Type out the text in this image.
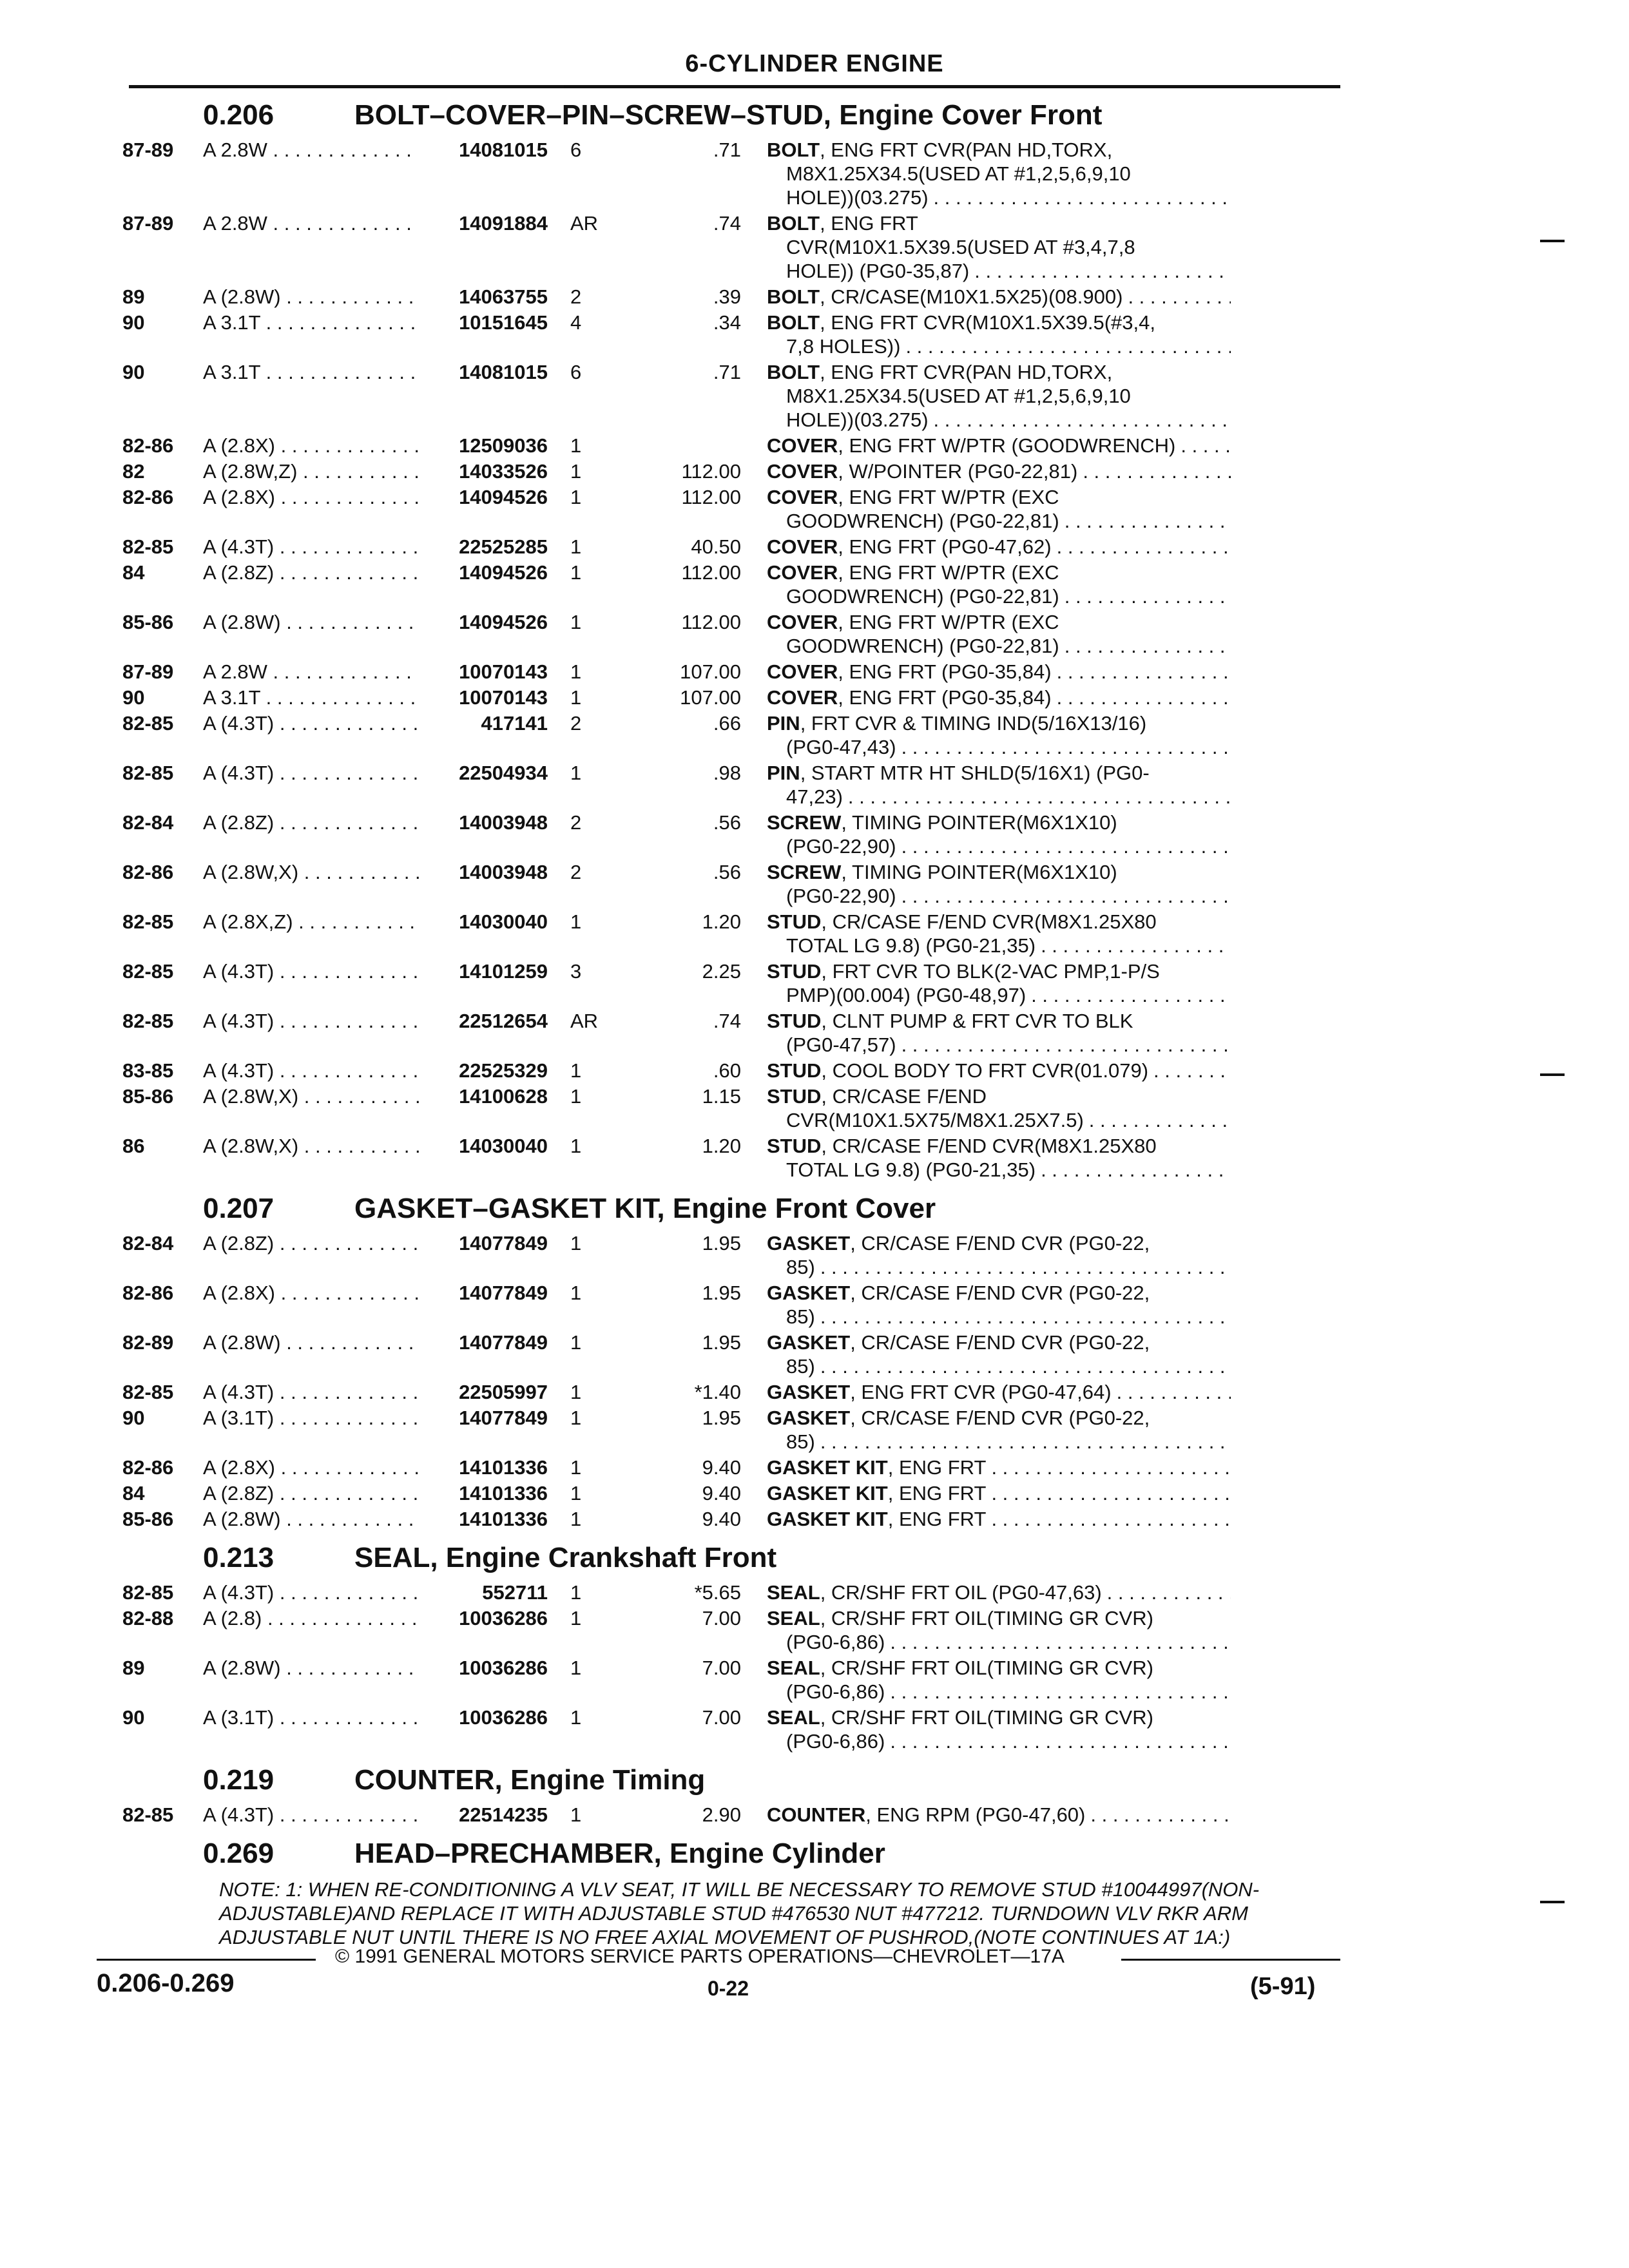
6-CYLINDER ENGINE
0.206	BOLT–COVER–PIN–SCREW–STUD, Engine Cover Front
87-89 A 2.8W . . .	14081015 6	.71 BOLT, ENG FRT CVR(PAN HD,TORX,
M8X1.25X34.5(USED AT #1,2,5,6,9,10
HOLE))(03.275)
. . .
87-89 A 2.8W . . .	14091884 AR	.74 BOLT, ENG FRT
CVR(M10X1.5X39.5(USED AT #3,4,7,8
HOLE)) (PG0-35,87)
. . .
89	A (2.8W) . . .	14063755 2	.39 BOLT, CR/CASE(M10X1.5X25)(08.900)
. . .
90	A 3.1T . . .	10151645 4	.34 BOLT, ENG FRT CVR(M10X1.5X39.5(#3,4,
7,8 HOLES))
. . .
90	A 3.1T . . .	14081015 6	.71 BOLT, ENG FRT CVR(PAN HD,TORX,
M8X1.25X34.5(USED AT #1,2,5,6,9,10
HOLE))(03.275)
. . .
82-86 A (2.8X) . . .	12509036 1	COVER, ENG FRT W/PTR (GOODWRENCH)
. . .
82	A (2.8W,Z) . . .	14033526 1	112.00 COVER, W/POINTER (PG0-22,81)
. . .
82-86 A (2.8X) . . .	14094526 1	112.00 COVER, ENG FRT W/PTR (EXC
GOODWRENCH) (PG0-22,81)
. . .
82-85 A (4.3T) . . .	22525285 1	40.50 COVER, ENG FRT (PG0-47,62)
. . .
84	A (2.8Z) . . .	14094526 1	112.00 COVER, ENG FRT W/PTR (EXC
GOODWRENCH) (PG0-22,81)
. . .
85-86 A (2.8W) . . .	14094526 1	112.00 COVER, ENG FRT W/PTR (EXC
GOODWRENCH) (PG0-22,81)
. . .
87-89 A 2.8W . . .	10070143 1	107.00 COVER, ENG FRT (PG0-35,84)
. . .
90	A 3.1T . . .	10070143 1	107.00 COVER, ENG FRT (PG0-35,84)
. . .
82-85 A (4.3T) . . .	417141 2	.66 PIN, FRT CVR & TIMING IND(5/16X13/16)
(PG0-47,43)
. . .
82-85 A (4.3T) . . .	22504934 1	.98 PIN, START MTR HT SHLD(5/16X1) (PG0-
47,23)
. . .
82-84 A (2.8Z) . . .	14003948 2	.56 SCREW, TIMING POINTER(M6X1X10)
(PG0-22,90)
. . .
82-86 A (2.8W,X) . . .	14003948 2	.56 SCREW, TIMING POINTER(M6X1X10)
(PG0-22,90)
. . .
82-85 A (2.8X,Z) . . .	14030040 1	1.20 STUD, CR/CASE F/END CVR(M8X1.25X80
TOTAL LG 9.8) (PG0-21,35)
. . .
82-85 A (4.3T) . . .	14101259 3	2.25 STUD, FRT CVR TO BLK(2-VAC PMP,1-P/S
PMP)(00.004) (PG0-48,97)
. . .
82-85 A (4.3T) . . .	22512654 AR	.74 STUD, CLNT PUMP & FRT CVR TO BLK
(PG0-47,57)
. . .
83-85 A (4.3T) . . .	22525329 1	.60 STUD, COOL BODY TO FRT CVR(01.079)
. . .
85-86 A (2.8W,X) . . .	14100628 1	1.15 STUD, CR/CASE F/END
CVR(M10X1.5X75/M8X1.25X7.5)
. . .
86	A (2.8W,X) . . .	14030040 1	1.20 STUD, CR/CASE F/END CVR(M8X1.25X80
TOTAL LG 9.8) (PG0-21,35)
. . .
0.207	GASKET–GASKET KIT, Engine Front Cover
82-84 A (2.8Z) . . .	14077849 1	1.95 GASKET, CR/CASE F/END CVR (PG0-22,
85)
. . .
82-86 A (2.8X) . . .	14077849 1	1.95 GASKET, CR/CASE F/END CVR (PG0-22,
85)
. . .
82-89 A (2.8W) . . .	14077849 1	1.95 GASKET, CR/CASE F/END CVR (PG0-22,
85)
. . .
82-85 A (4.3T) . . .	22505997 1	*1.40 GASKET, ENG FRT CVR (PG0-47,64)
. . .
90	A (3.1T) . . .	14077849 1	1.95 GASKET, CR/CASE F/END CVR (PG0-22,
85)
. . .
82-86 A (2.8X) . . .	14101336 1	9.40 GASKET KIT, ENG FRT
. . .
84	A (2.8Z) . . .	14101336 1	9.40 GASKET KIT, ENG FRT
. . .
85-86 A (2.8W) . . .	14101336 1	9.40 GASKET KIT, ENG FRT
. . .
0.213	SEAL, Engine Crankshaft Front
82-85 A (4.3T) . . .	552711 1	*5.65 SEAL, CR/SHF FRT OIL (PG0-47,63)
. . .
82-88 A (2.8) . . .	10036286 1	7.00 SEAL, CR/SHF FRT OIL(TIMING GR CVR)
(PG0-6,86)
. . .
89	A (2.8W) . . .	10036286 1	7.00 SEAL, CR/SHF FRT OIL(TIMING GR CVR)
(PG0-6,86)
. . .
90	A (3.1T) . . .	10036286 1	7.00 SEAL, CR/SHF FRT OIL(TIMING GR CVR)
(PG0-6,86)
. . .
0.219	COUNTER, Engine Timing
82-85 A (4.3T) . . .	22514235 1	2.90 COUNTER, ENG RPM (PG0-47,60)
. . .
0.269	HEAD–PRECHAMBER, Engine Cylinder
NOTE: 1: WHEN RE-CONDITIONING A VLV SEAT, IT WILL BE NECESSARY TO REMOVE STUD #10044997(NON-ADJUSTABLE)AND REPLACE IT WITH ADJUSTABLE STUD #476530 NUT #477212. TURNDOWN VLV RKR ARM ADJUSTABLE NUT UNTIL THERE IS NO FREE AXIAL MOVEMENT OF PUSHROD,(NOTE CONTINUES AT 1A:)
© 1991 GENERAL MOTORS SERVICE PARTS OPERATIONS—CHEVROLET—17A
0.206-0.269	0-22	(5-91)
